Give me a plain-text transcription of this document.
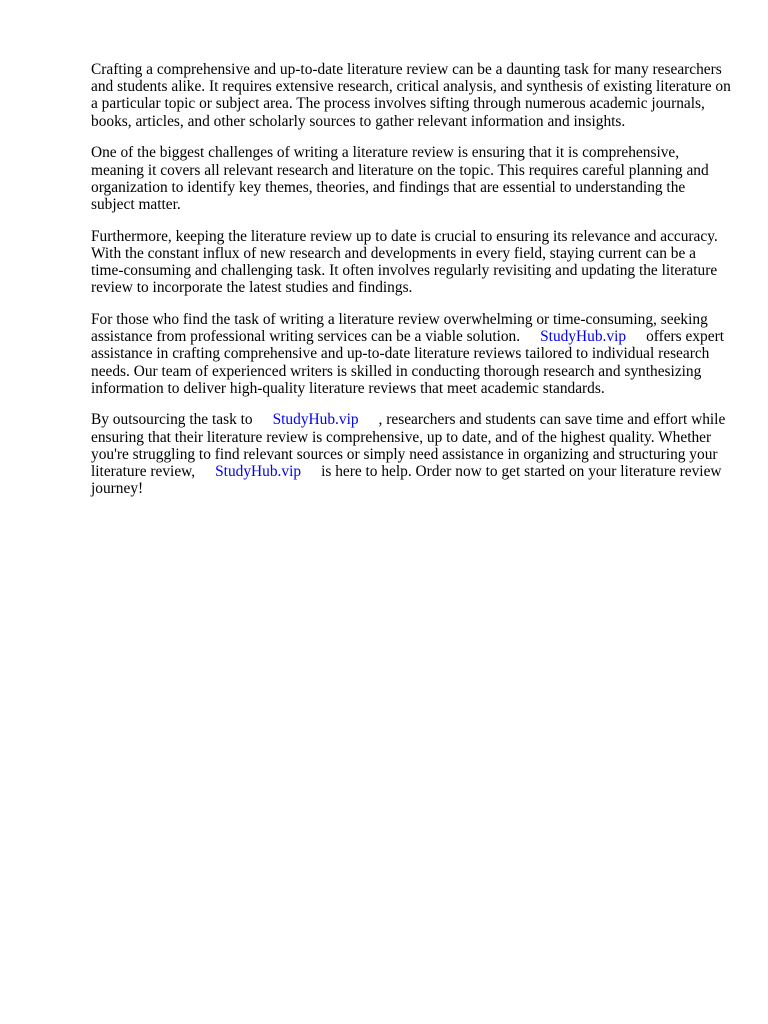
Crafting a comprehensive and up-to-date literature review can be a daunting task for many researchers and students alike. It requires extensive research, critical analysis, and synthesis of existing literature on a particular topic or subject area. The process involves sifting through numerous academic journals, books, articles, and other scholarly sources to gather relevant information and insights.

One of the biggest challenges of writing a literature review is ensuring that it is comprehensive, meaning it covers all relevant research and literature on the topic. This requires careful planning and organization to identify key themes, theories, and findings that are essential to understanding the subject matter.

Furthermore, keeping the literature review up to date is crucial to ensuring its relevance and accuracy. With the constant influx of new research and developments in every field, staying current can be a time-consuming and challenging task. It often involves regularly revisiting and updating the literature review to incorporate the latest studies and findings.

For those who find the task of writing a literature review overwhelming or time-consuming, seeking assistance from professional writing services can be a viable solution. StudyHub.vip offers expert assistance in crafting comprehensive and up-to-date literature reviews tailored to individual research needs. Our team of experienced writers is skilled in conducting thorough research and synthesizing information to deliver high-quality literature reviews that meet academic standards.

By outsourcing the task to StudyHub.vip , researchers and students can save time and effort while ensuring that their literature review is comprehensive, up to date, and of the highest quality. Whether you're struggling to find relevant sources or simply need assistance in organizing and structuring your literature review, StudyHub.vip is here to help. Order now to get started on your literature review journey!
